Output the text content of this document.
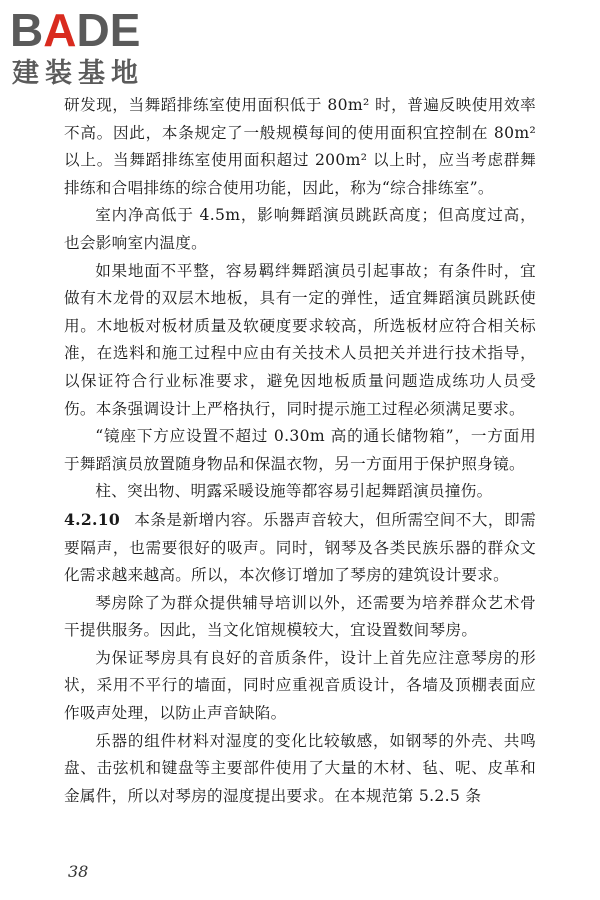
BADE
建装基地

研发现，当舞蹈排练室使用面积低于 80m² 时，普遍反映使用效率不高。因此，本条规定了一般规模每间的使用面积宜控制在 80m² 以上。当舞蹈排练室使用面积超过 200m² 以上时，应当考虑群舞排练和合唱排练的综合使用功能，因此，称为“综合排练室”。

室内净高低于 4.5m，影响舞蹈演员跳跃高度；但高度过高，也会影响室内温度。

如果地面不平整，容易羁绊舞蹈演员引起事故；有条件时，宜做有木龙骨的双层木地板，具有一定的弹性，适宜舞蹈演员跳跃使用。木地板对板材质量及软硬度要求较高，所选板材应符合相关标准，在选料和施工过程中应由有关技术人员把关并进行技术指导，以保证符合行业标准要求，避免因地板质量问题造成练功人员受伤。本条强调设计上严格执行，同时提示施工过程必须满足要求。

“镜座下方应设置不超过 0.30m 高的通长储物箱”，一方面用于舞蹈演员放置随身物品和保温衣物，另一方面用于保护照身镜。

柱、突出物、明露采暖设施等都容易引起舞蹈演员撞伤。

4.2.10 本条是新增内容。乐器声音较大，但所需空间不大，即需要隔声，也需要很好的吸声。同时，钢琴及各类民族乐器的群众文化需求越来越高。所以，本次修订增加了琴房的建筑设计要求。

琴房除了为群众提供辅导培训以外，还需要为培养群众艺术骨干提供服务。因此，当文化馆规模较大，宜设置数间琴房。

为保证琴房具有良好的音质条件，设计上首先应注意琴房的形状，采用不平行的墙面，同时应重视音质设计，各墙及顶棚表面应作吸声处理，以防止声音缺陷。

乐器的组件材料对湿度的变化比较敏感，如钢琴的外壳、共鸣盘、击弦机和键盘等主要部件使用了大量的木材、毡、呢、皮革和金属件，所以对琴房的湿度提出要求。在本规范第 5.2.5 条

38
